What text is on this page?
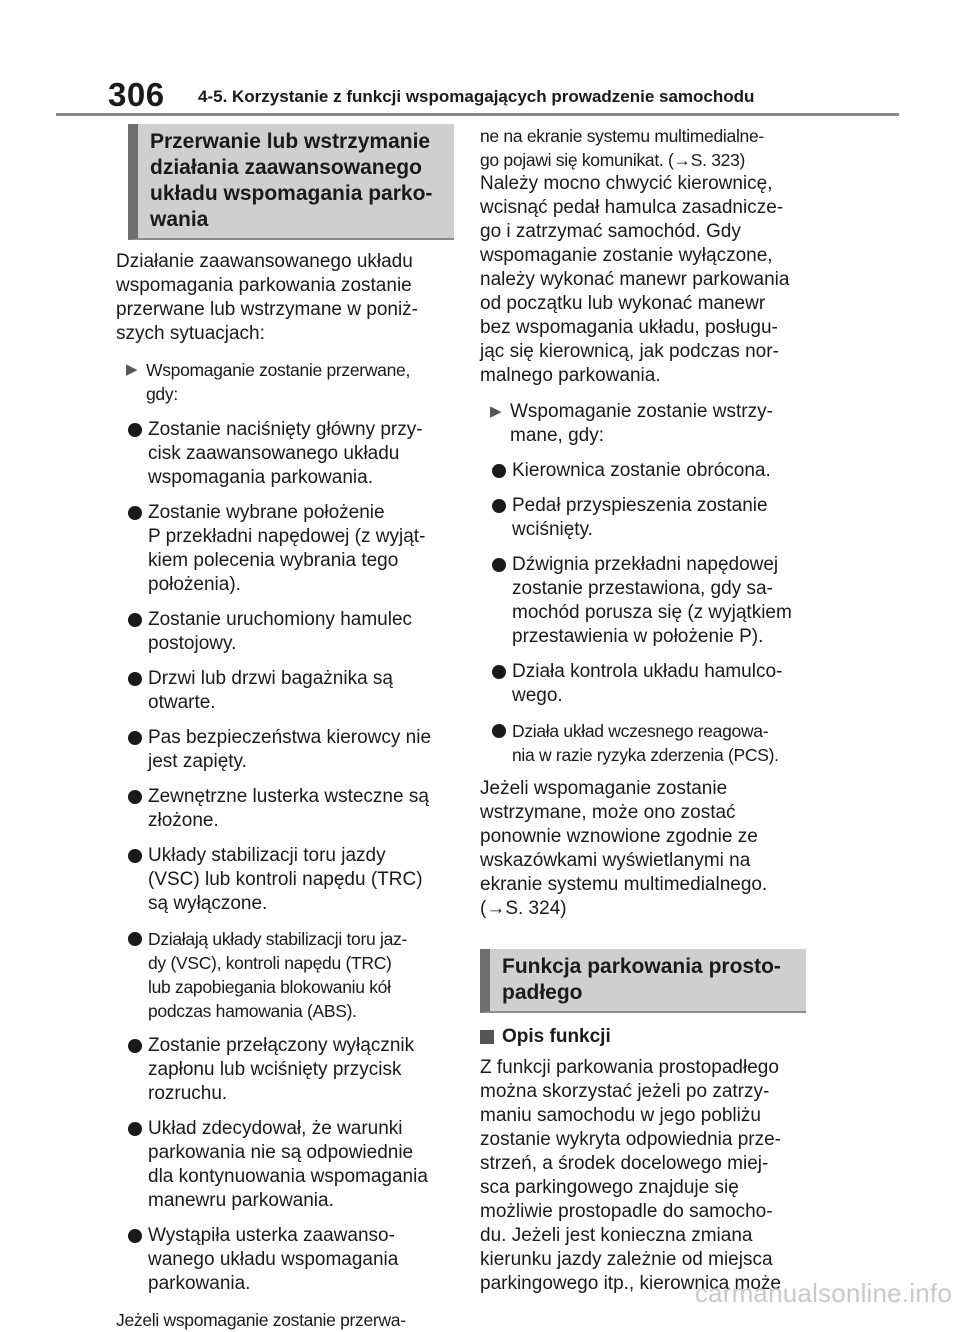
306 4-5. Korzystanie z funkcji wspomagających prowadzenie samochodu
Przerwanie lub wstrzymanie
działania zaawansowanego
układu wspomagania parko-
wania
Działanie zaawansowanego układu
wspomagania parkowania zostanie
przerwane lub wstrzymane w poniż-
szych sytuacjach:
▶ Wspomaganie zostanie przerwane,
gdy:
Zostanie naciśnięty główny przy-
cisk zaawansowanego układu
wspomagania parkowania.
Zostanie wybrane położenie
P przekładni napędowej (z wyjąt-
kiem polecenia wybrania tego
położenia).
Zostanie uruchomiony hamulec
postojowy.
Drzwi lub drzwi bagażnika są
otwarte.
Pas bezpieczeństwa kierowcy nie
jest zapięty.
Zewnętrzne lusterka wsteczne są
złożone.
Układy stabilizacji toru jazdy
(VSC) lub kontroli napędu (TRC)
są wyłączone.
Działają układy stabilizacji toru jaz-
dy (VSC), kontroli napędu (TRC)
lub zapobiegania blokowaniu kół
podczas hamowania (ABS).
Zostanie przełączony wyłącznik
zapłonu lub wciśnięty przycisk
rozruchu.
Układ zdecydował, że warunki
parkowania nie są odpowiednie
dla kontynuowania wspomagania
manewru parkowania.
Wystąpiła usterka zaawanso-
wanego układu wspomagania
parkowania.
Jeżeli wspomaganie zostanie przerwa-
ne na ekranie systemu multimedialne-
go pojawi się komunikat. (→S. 323)
Należy mocno chwycić kierownicę,
wcisnąć pedał hamulca zasadnicze-
go i zatrzymać samochód. Gdy
wspomaganie zostanie wyłączone,
należy wykonać manewr parkowania
od początku lub wykonać manewr
bez wspomagania układu, posługu-
jąc się kierownicą, jak podczas nor-
malnego parkowania.
▶ Wspomaganie zostanie wstrzy-
mane, gdy:
Kierownica zostanie obrócona.
Pedał przyspieszenia zostanie
wciśnięty.
Dźwignia przekładni napędowej
zostanie przestawiona, gdy sa-
mochód porusza się (z wyjątkiem
przestawienia w położenie P).
Działa kontrola układu hamulco-
wego.
Działa układ wczesnego reagowa-
nia w razie ryzyka zderzenia (PCS).
Jeżeli wspomaganie zostanie
wstrzymane, może ono zostać
ponownie wznowione zgodnie ze
wskazówkami wyświetlanymi na
ekranie systemu multimedialnego.
(→S. 324)
Funkcja parkowania prosto-
padłego
Opis funkcji
Z funkcji parkowania prostopadłego
można skorzystać jeżeli po zatrzy-
maniu samochodu w jego pobliżu
zostanie wykryta odpowiednia prze-
strzeń, a środek docelowego miej-
sca parkingowego znajduje się
możliwie prostopadle do samocho-
du. Jeżeli jest konieczna zmiana
kierunku jazdy zależnie od miejsca
parkingowego itp., kierownica może
carmanualsonline.info
